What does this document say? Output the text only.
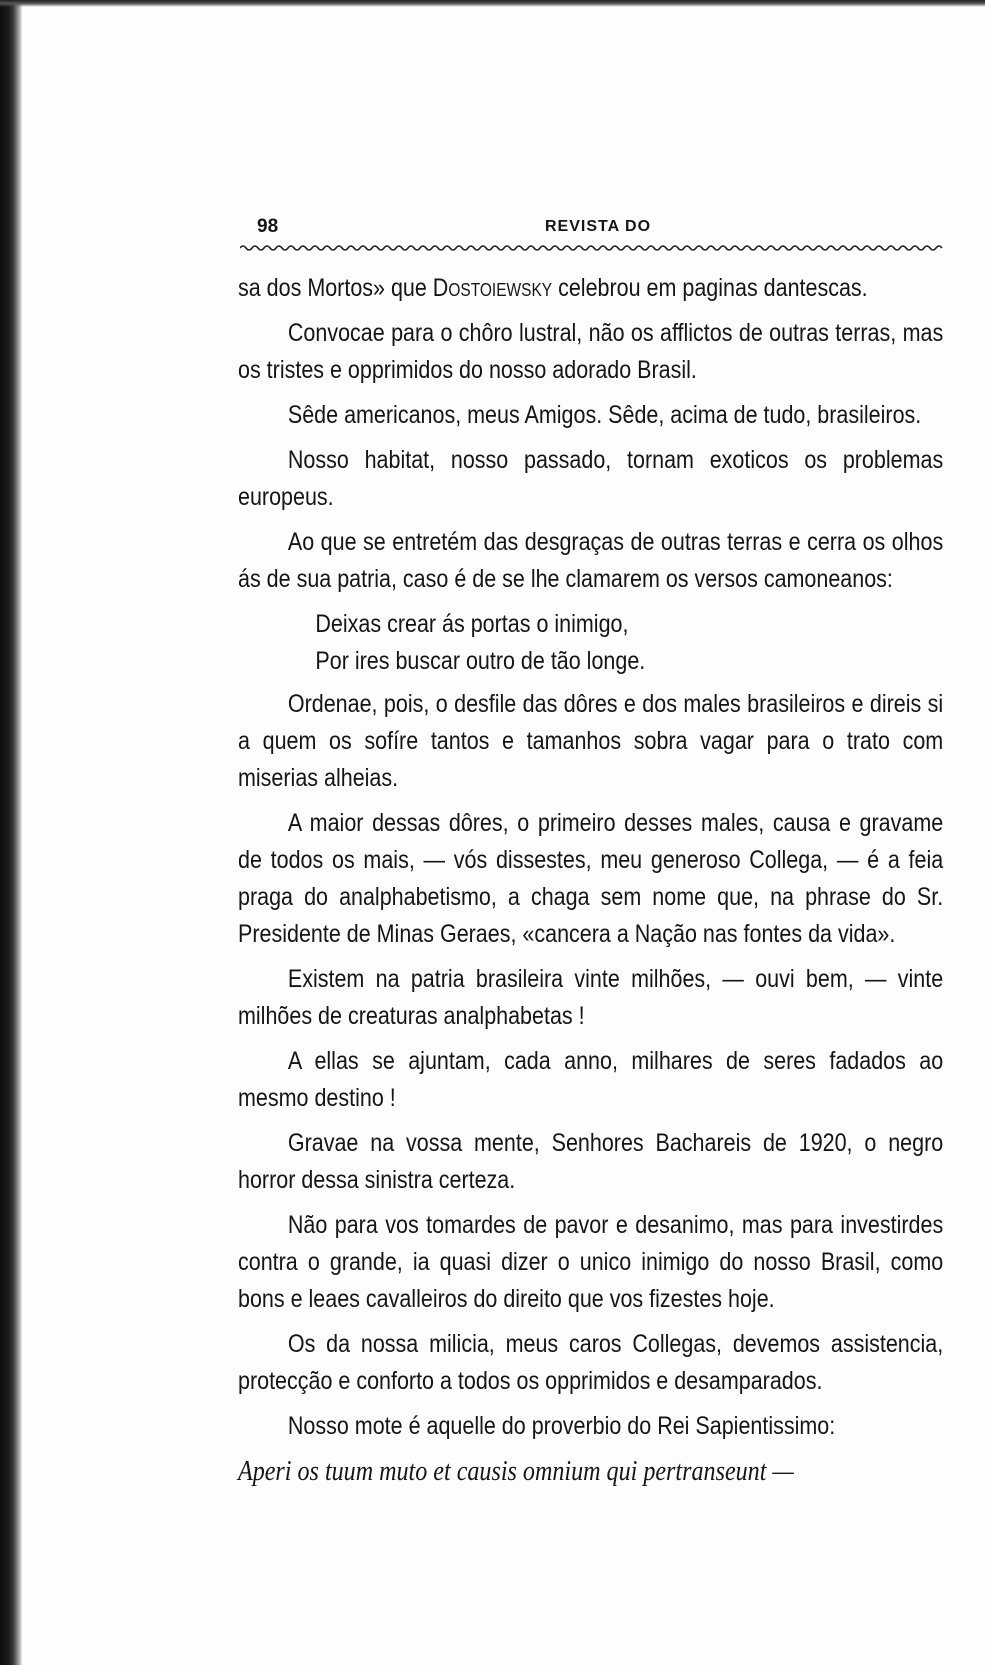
98	REVISTA DO

sa dos Mortos» que Dostoiewsky celebrou em paginas dantescas.

Convocae para o chôro lustral, não os afflictos de outras terras, mas os tristes e opprimidos do nosso adorado Brasil.

Sêde americanos, meus Amigos. Sêde, acima de tudo, brasileiros.

Nosso habitat, nosso passado, tornam exoticos os problemas europeus.

Ao que se entretém das desgraças de outras terras e cerra os olhos ás de sua patria, caso é de se lhe clamarem os versos camoneanos:

Deixas crear ás portas o inimigo,
Por ires buscar outro de tão longe.

Ordenae, pois, o desfile das dôres e dos males brasileiros e direis si a quem os sofíre tantos e tamanhos sobra vagar para o trato com miserias alheias.

A maior dessas dôres, o primeiro desses males, causa e gravame de todos os mais, — vós dissestes, meu generoso Collega, — é a feia praga do analphabetismo, a chaga sem nome que, na phrase do Sr. Presidente de Minas Geraes, «cancera a Nação nas fontes da vida».

Existem na patria brasileira vinte milhões, — ouvi bem, — vinte milhões de creaturas analphabetas !

A ellas se ajuntam, cada anno, milhares de seres fadados ao mesmo destino !

Gravae na vossa mente, Senhores Bachareis de 1920, o negro horror dessa sinistra certeza.

Não para vos tomardes de pavor e desanimo, mas para investirdes contra o grande, ia quasi dizer o unico inimigo do nosso Brasil, como bons e leaes cavalleiros do direito que vos fizestes hoje.

Os da nossa milicia, meus caros Collegas, devemos assistencia, protecção e conforto a todos os opprimidos e desamparados.

Nosso mote é aquelle do proverbio do Rei Sapientissimo:

Aperi os tuum muto et causis omnium qui pertranseunt —
